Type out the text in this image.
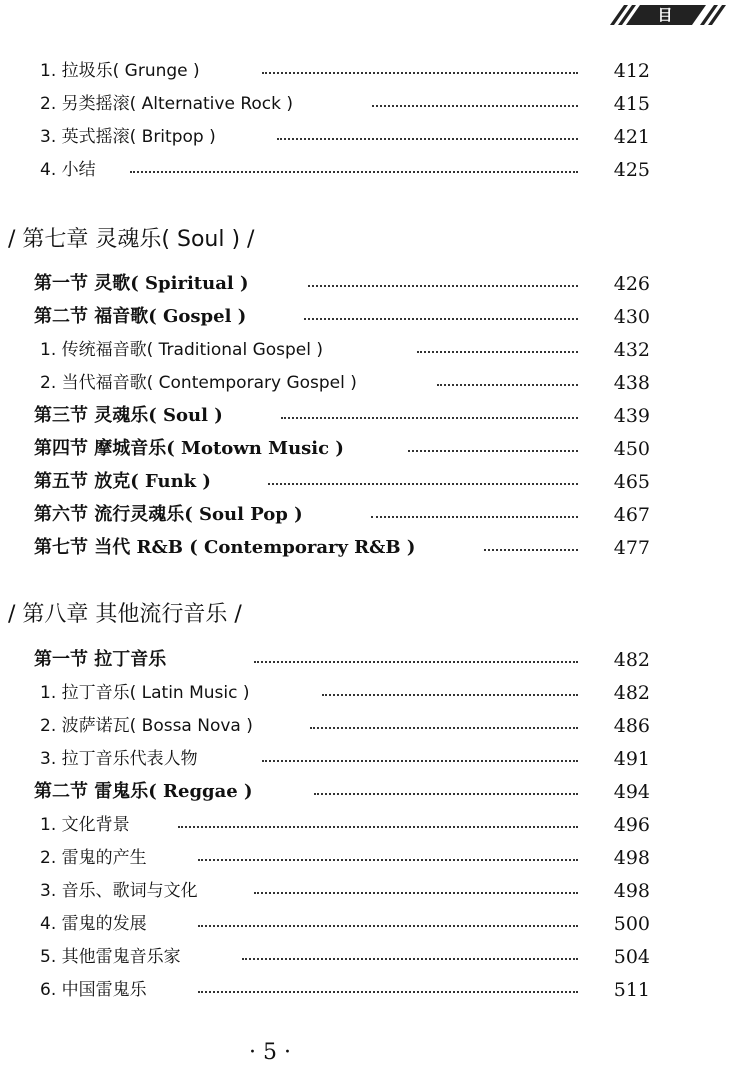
目 录
1. 拉圾乐( Grunge )	412
2. 另类摇滚( Alternative Rock )	415
3. 英式摇滚( Britpop )	421
4. 小结	425
/ 第七章 灵魂乐( Soul ) /
第一节 灵歌( Spiritual )	426
第二节 福音歌( Gospel )	430
1. 传统福音歌( Traditional Gospel )	432
2. 当代福音歌( Contemporary Gospel )	438
第三节 灵魂乐( Soul )	439
第四节 摩城音乐( Motown Music )	450
第五节 放克( Funk )	465
第六节 流行灵魂乐( Soul Pop )	467
第七节 当代 R&B ( Contemporary R&B )	477
/ 第八章 其他流行音乐 /
第一节 拉丁音乐	482
1. 拉丁音乐( Latin Music )	482
2. 波萨诺瓦( Bossa Nova )	486
3. 拉丁音乐代表人物	491
第二节 雷鬼乐( Reggae )	494
1. 文化背景	496
2. 雷鬼的产生	498
3. 音乐、歌词与文化	498
4. 雷鬼的发展	500
5. 其他雷鬼音乐家	504
6. 中国雷鬼乐	511
· 5 ·
